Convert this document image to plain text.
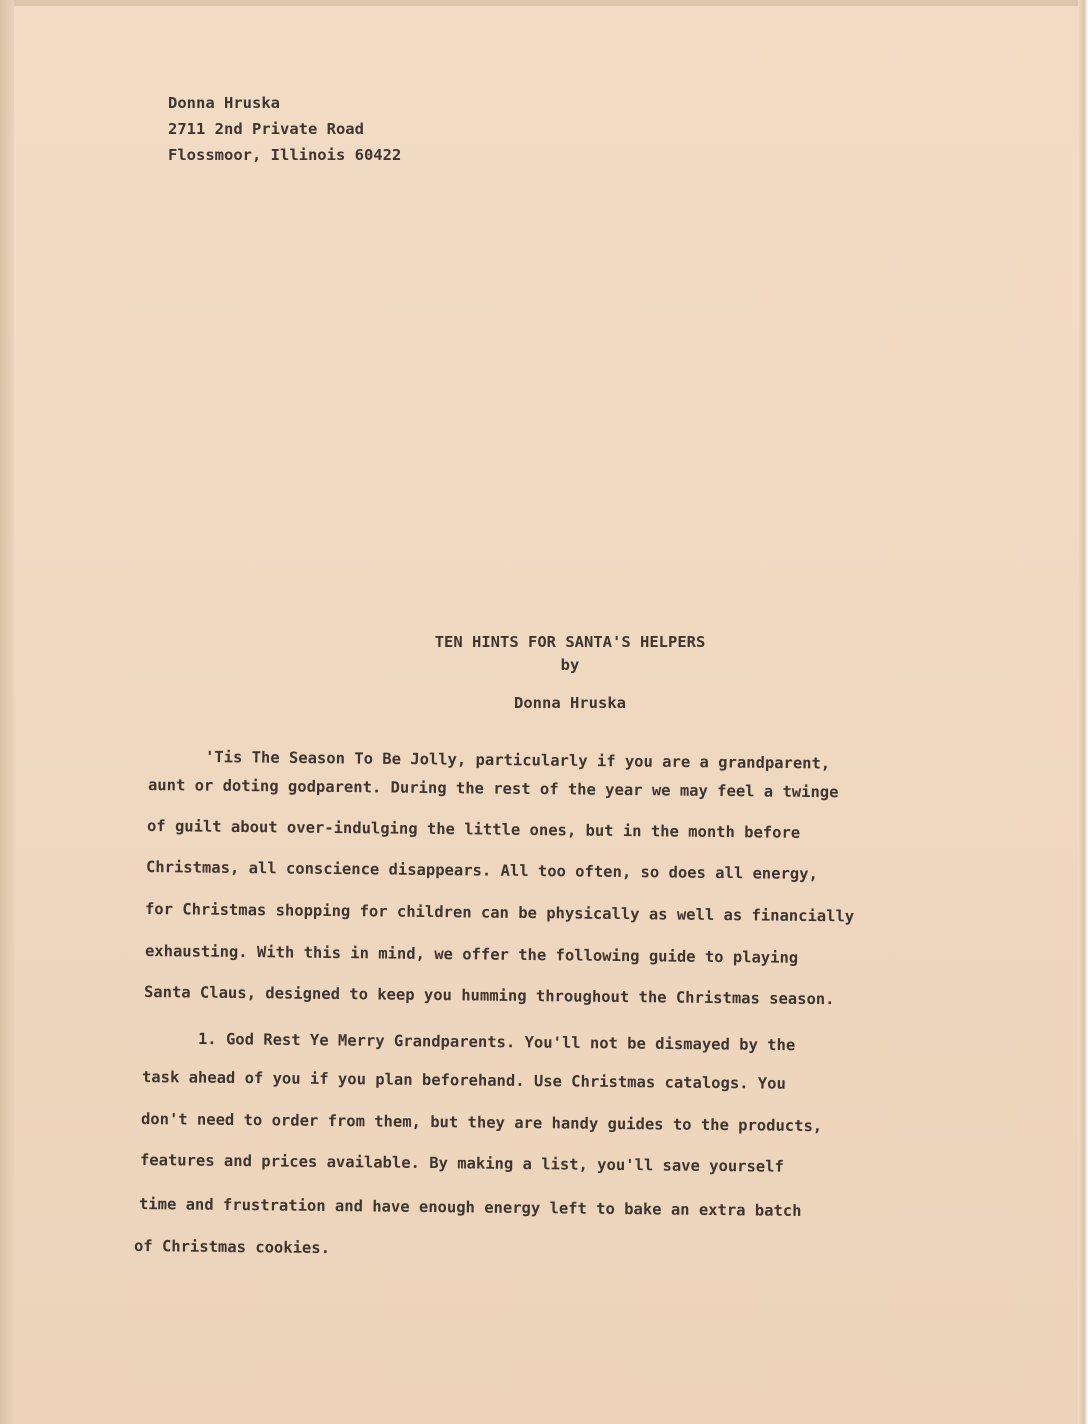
Donna Hruska
2711 2nd Private Road
Flossmoor, Illinois 60422
TEN HINTS FOR SANTA'S HELPERS
by
Donna Hruska
'Tis The Season To Be Jolly, particularly if you are a grandparent,
aunt or doting godparent. During the rest of the year we may feel a twinge
of guilt about over-indulging the little ones, but in the month before
Christmas, all conscience disappears. All too often, so does all energy,
for Christmas shopping for children can be physically as well as financially
exhausting. With this in mind, we offer the following guide to playing
Santa Claus, designed to keep you humming throughout the Christmas season.
1. God Rest Ye Merry Grandparents. You'll not be dismayed by the
task ahead of you if you plan beforehand. Use Christmas catalogs. You
don't need to order from them, but they are handy guides to the products,
features and prices available. By making a list, you'll save yourself
time and frustration and have enough energy left to bake an extra batch
of Christmas cookies.
